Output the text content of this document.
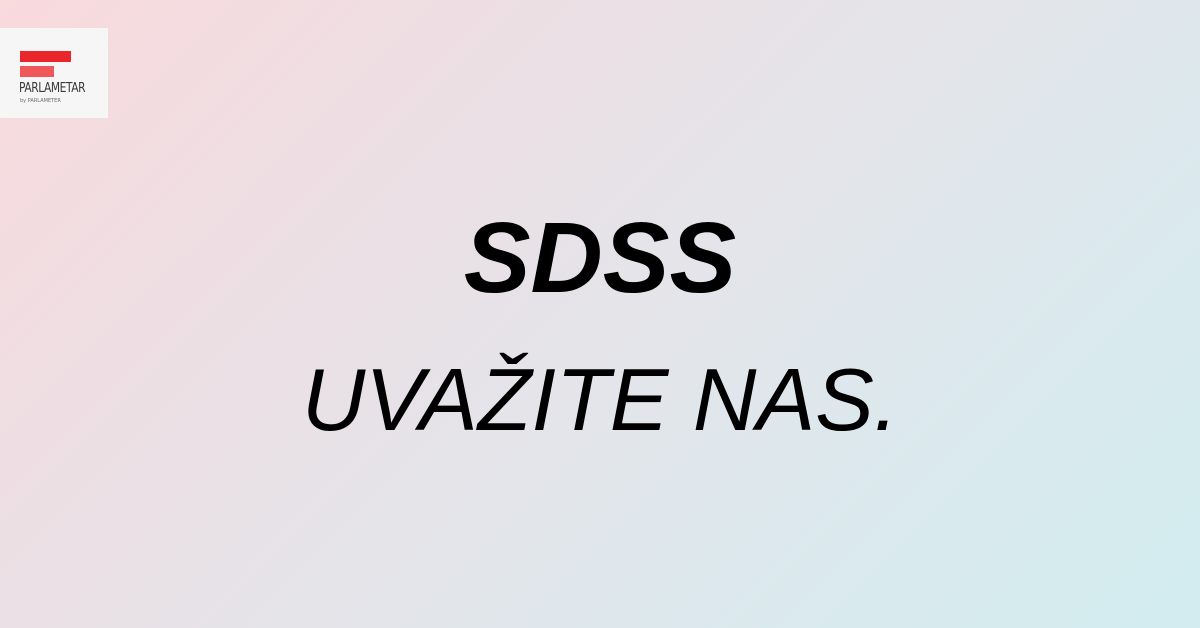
PARLAMETAR
by PARLAMETER
SDSS
UVAŽITE NAS.
